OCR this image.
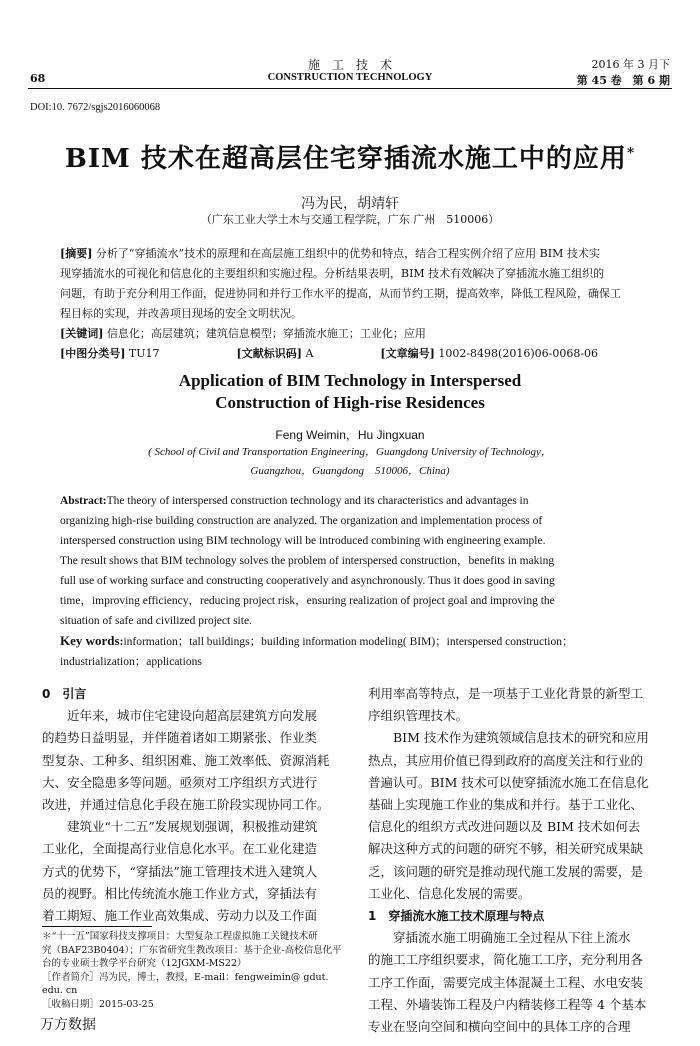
68
施　工　技　术
CONSTRUCTION TECHNOLOGY
2016 年 3 月下
第 45 卷　第 6 期
DOI:10. 7672/sgjs2016060068
BIM 技术在超高层住宅穿插流水施工中的应用*
冯为民，胡靖轩
（广东工业大学土木与交通工程学院，广东 广州　510006）

[摘要] 分析了“穿插流水”技术的原理和在高层施工组织中的优势和特点，结合工程实例介绍了应用 BIM 技术实

现穿插流水的可视化和信息化的主要组织和实施过程。分析结果表明，BIM 技术有效解决了穿插流水施工组织的

问题，有助于充分利用工作面，促进协同和并行工作水平的提高，从而节约工期，提高效率，降低工程风险，确保工

程目标的实现，并改善项目现场的安全文明状况。

[关键词] 信息化；高层建筑；建筑信息模型；穿插流水施工；工业化；应用

[中图分类号] TU17	[文献标识码] A	[文章编号] 1002-8498(2016)06-0068-06

Application of BIM Technology in Interspersed

Construction of High-rise Residences

Feng Weimin，Hu Jingxuan

( School of Civil and Transportation Engineering，Guangdong University of Technology，

Guangzhou，Guangdong　510006，China)

Abstract:The theory of interspersed construction technology and its characteristics and advantages in

organizing high-rise building construction are analyzed. The organization and implementation process of

interspersed construction using BIM technology will be introduced combining with engineering example.

The result shows that BIM technology solves the problem of interspersed construction，benefits in making

full use of working surface and constructing cooperatively and asynchronously. Thus it does good in saving

time，improving efficiency，reducing project risk，ensuring realization of project goal and improving the

situation of safe and civilized project site.

Key words:information；tall buildings；building information modeling( BIM)；interspersed construction；

industrialization；applications

0　引言

　　近年来，城市住宅建设向超高层建筑方向发展

的趋势日益明显，并伴随着诸如工期紧张、作业类

型复杂、工种多、组织困难、施工效率低、资源消耗

大、安全隐患多等问题。亟须对工序组织方式进行

改进，并通过信息化手段在施工阶段实现协同工作。

　　建筑业“十二五”发展规划强调，积极推动建筑

工业化，全面提高行业信息化水平。在工业化建造

方式的优势下，“穿插法”施工管理技术进入建筑人

员的视野。相比传统流水施工作业方式，穿插法有

着工期短、施工作业高效集成、劳动力以及工作面

＊“十一五”国家科技支撑项目：大型复杂工程虚拟施工关键技术研

究（BAF23B0404）；广东省研究生教改项目：基于企业-高校信息化平

台的专业硕士教学平台研究（12JGXM-MS22）

［作者简介］冯为民，博士，教授，E-mail：fengweimin@ gdut. edu. cn

［收稿日期］2015-03-25

利用率高等特点，是一项基于工业化背景的新型工

序组织管理技术。

　　BIM 技术作为建筑领域信息技术的研究和应用

热点，其应用价值已得到政府的高度关注和行业的

普遍认可。BIM 技术可以使穿插流水施工在信息化

基础上实现施工作业的集成和并行。基于工业化、

信息化的组织方式改进问题以及 BIM 技术如何去

解决这种方式的问题的研究不够，相关研究成果缺

乏，该问题的研究是推动现代施工发展的需要，是

工业化、信息化发展的需要。

1　穿插流水施工技术原理与特点

　　穿插流水施工明确施工全过程从下往上流水

的施工工序组织要求，简化施工工序，充分利用各

工序工作面，需要完成主体混凝土工程、水电安装

工程、外墙装饰工程及户内精装修工程等 4 个基本

专业在竖向空间和横向空间中的具体工序的合理

万方数据
